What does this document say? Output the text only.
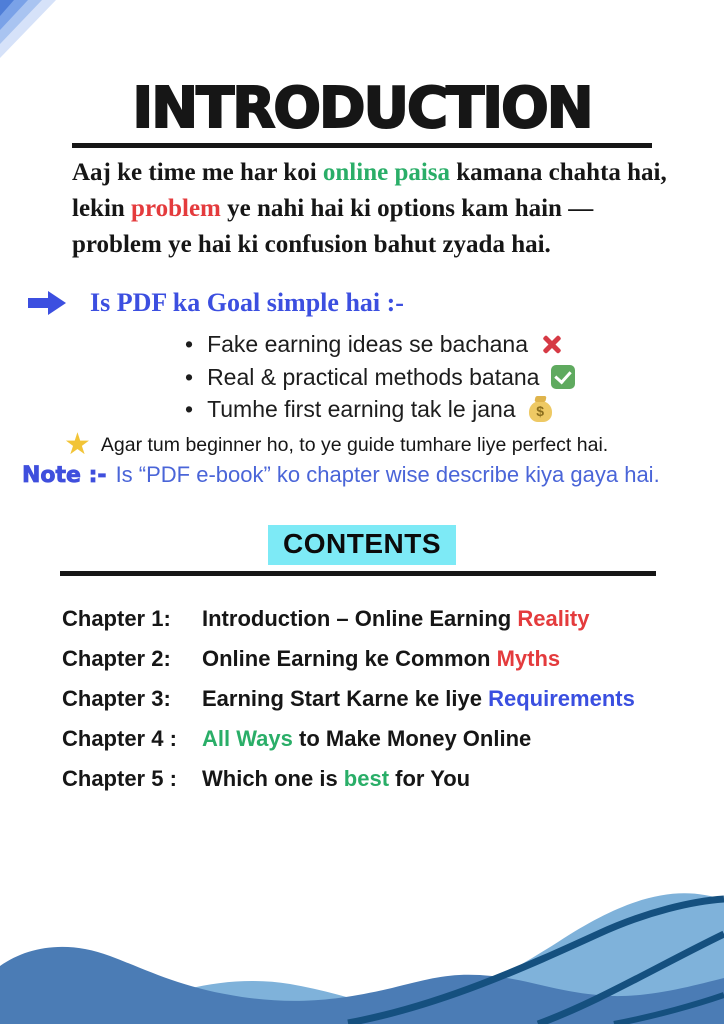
INTRODUCTION
Aaj ke time me har koi online paisa kamana chahta hai,
lekin problem ye nahi hai ki options kam hain —
problem ye hai ki confusion bahut zyada hai.
Is PDF ka Goal simple hai :-
• Fake earning ideas se bachana
• Real & practical methods batana
• Tumhe first earning tak le jana	$
★ Agar tum beginner ho, to ye guide tumhare liye perfect hai.
Note :- Is “PDF e-book” ko chapter wise describe kiya gaya hai.
CONTENTS
Chapter 1:	Introduction – Online Earning Reality
Chapter 2:	Online Earning ke Common Myths
Chapter 3:	Earning Start Karne ke liye Requirements
Chapter 4 :	All Ways to Make Money Online
Chapter 5 :	Which one is best for You
